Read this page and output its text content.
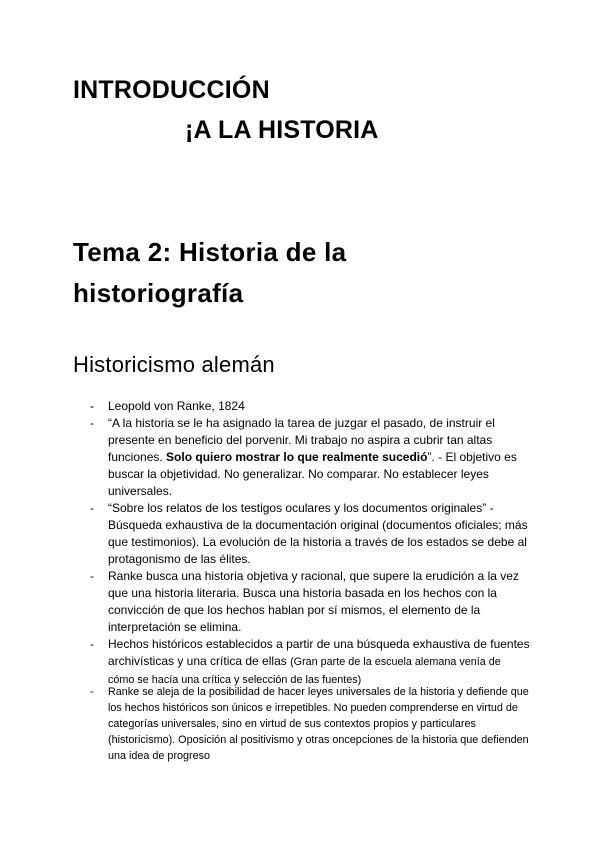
INTRODUCCIÓN
¡A LA HISTORIA
Tema 2: Historia de la
historiografía
Historicismo alemán
- Leopold von Ranke, 1824
- “A la historia se le ha asignado la tarea de juzgar el pasado, de instruir el presente en beneficio del porvenir. Mi trabajo no aspira a cubrir tan altas funciones. Solo quiero mostrar lo que realmente sucedió”. - El objetivo es buscar la objetividad. No generalizar. No comparar. No establecer leyes universales.
- “Sobre los relatos de los testigos oculares y los documentos originales” - Búsqueda exhaustiva de la documentación original (documentos oficiales; más que testimonios). La evolución de la historia a través de los estados se debe al protagonismo de las élites.
- Ranke busca una historia objetiva y racional, que supere la erudición a la vez que una historia literaria. Busca una historia basada en los hechos con la convicción de que los hechos hablan por sí mismos, el elemento de la interpretación se elimina.
- Hechos históricos establecidos a partir de una búsqueda exhaustiva de fuentes archivísticas y una crítica de ellas (Gran parte de la escuela alemana venía de cómo se hacía una crítica y selección de las fuentes)
- Ranke se aleja de la posibilidad de hacer leyes universales de la historia y defiende que los hechos históricos son únicos e irrepetibles. No pueden comprenderse en virtud de categorías universales, sino en virtud de sus contextos propios y particulares (historicismo). Oposición al positivismo y otras oncepciones de la historia que defienden una idea de progreso
